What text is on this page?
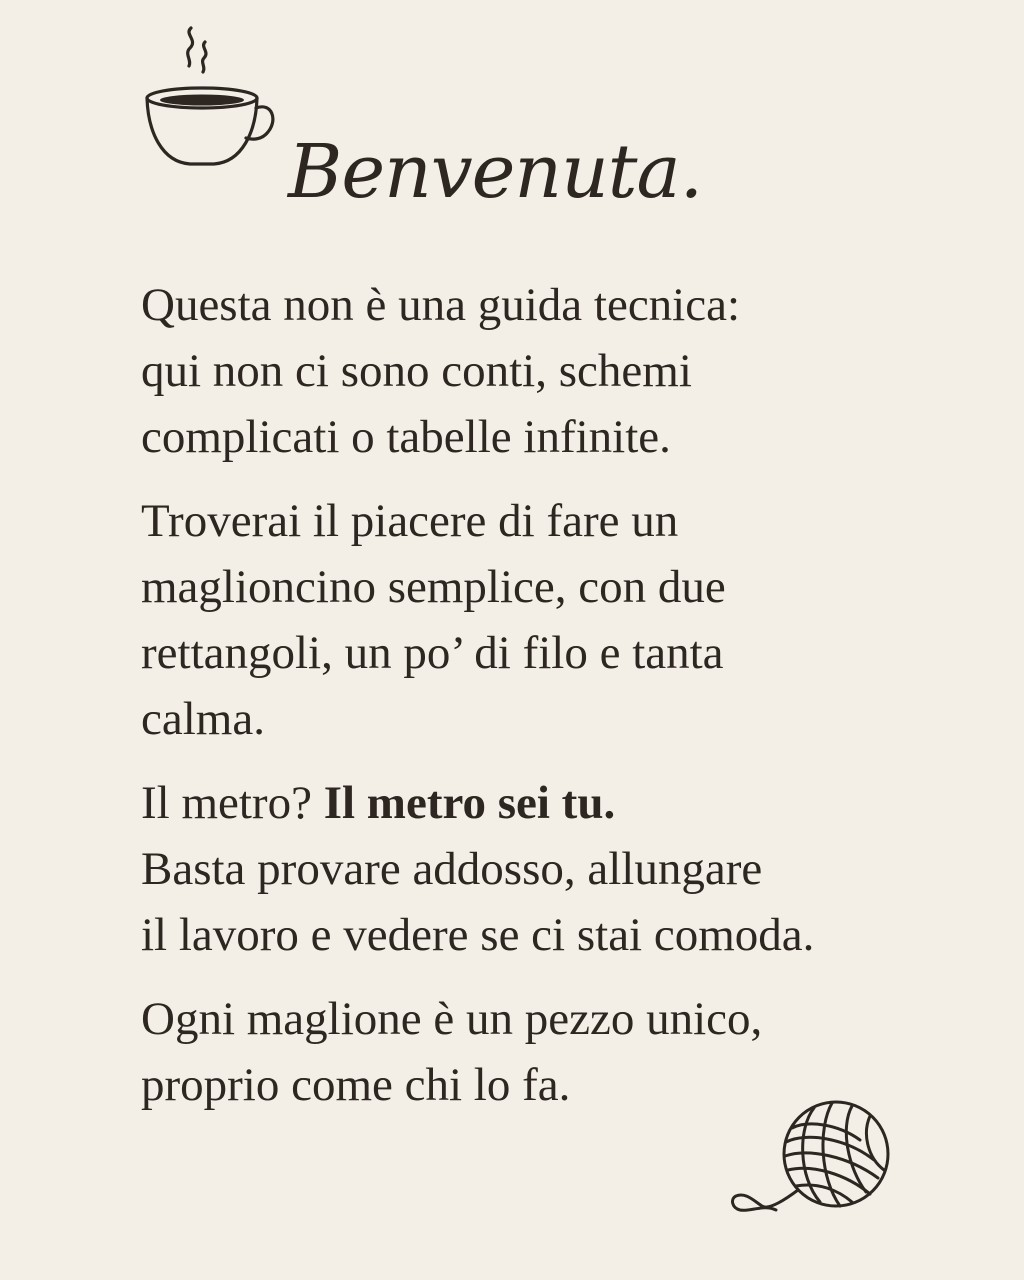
Benvenuta.

Questa non è una guida tecnica:
qui non ci sono conti, schemi
complicati o tabelle infinite.

Troverai il piacere di fare un
maglioncino semplice, con due
rettangoli, un po’ di filo e tanta
calma.

Il metro? Il metro sei tu.
Basta provare addosso, allungare
il lavoro e vedere se ci stai comoda.

Ogni maglione è un pezzo unico,
proprio come chi lo fa.
